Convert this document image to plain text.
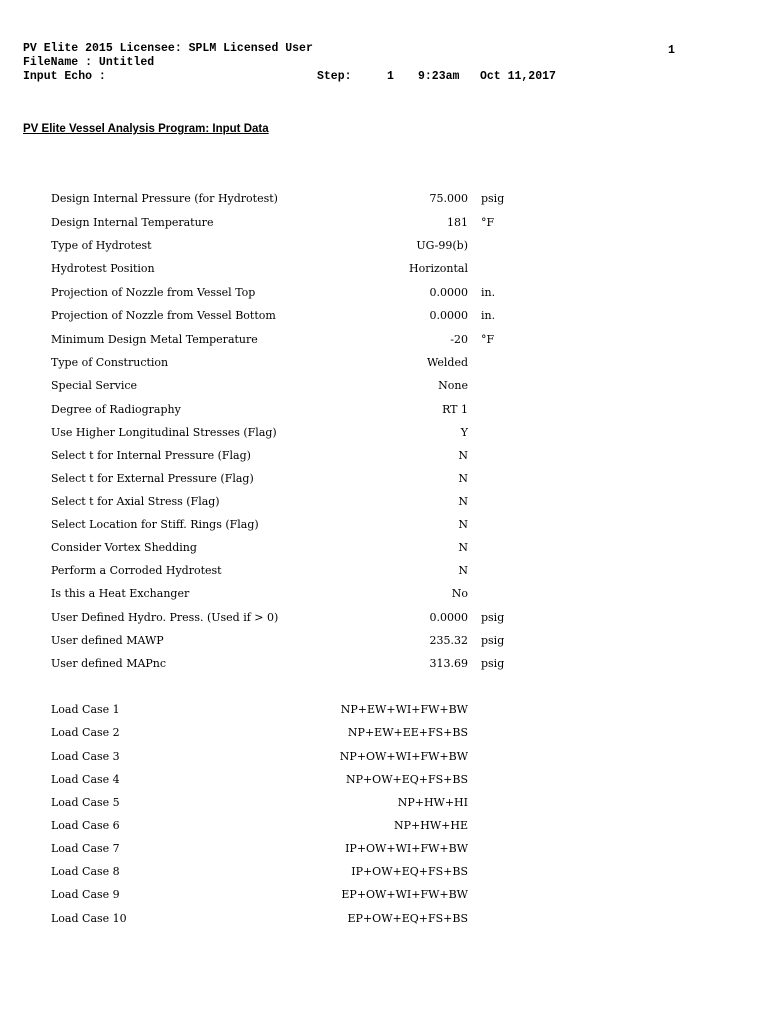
PV Elite 2015 Licensee: SPLM Licensed User
FileName : Untitled
Input Echo :	Step:	1 9:23am Oct 11,2017
1
PV Elite Vessel Analysis Program: Input Data
Design Internal Pressure (for Hydrotest)	75.000 psig
Design Internal Temperature	181 °F
Type of Hydrotest	UG-99(b)
Hydrotest Position	Horizontal
Projection of Nozzle from Vessel Top	0.0000 in.
Projection of Nozzle from Vessel Bottom	0.0000 in.
Minimum Design Metal Temperature	-20 °F
Type of Construction	Welded
Special Service	None
Degree of Radiography	RT 1
Use Higher Longitudinal Stresses (Flag)	Y
Select t for Internal Pressure (Flag)	N
Select t for External Pressure (Flag)	N
Select t for Axial Stress (Flag)	N
Select Location for Stiff. Rings (Flag)	N
Consider Vortex Shedding	N
Perform a Corroded Hydrotest	N
Is this a Heat Exchanger	No
User Defined Hydro. Press. (Used if > 0)	0.0000 psig
User defined MAWP	235.32 psig
User defined MAPnc	313.69 psig
Load Case 1	NP+EW+WI+FW+BW
Load Case 2	NP+EW+EE+FS+BS
Load Case 3	NP+OW+WI+FW+BW
Load Case 4	NP+OW+EQ+FS+BS
Load Case 5	NP+HW+HI
Load Case 6	NP+HW+HE
Load Case 7	IP+OW+WI+FW+BW
Load Case 8	IP+OW+EQ+FS+BS
Load Case 9	EP+OW+WI+FW+BW
Load Case 10	EP+OW+EQ+FS+BS
